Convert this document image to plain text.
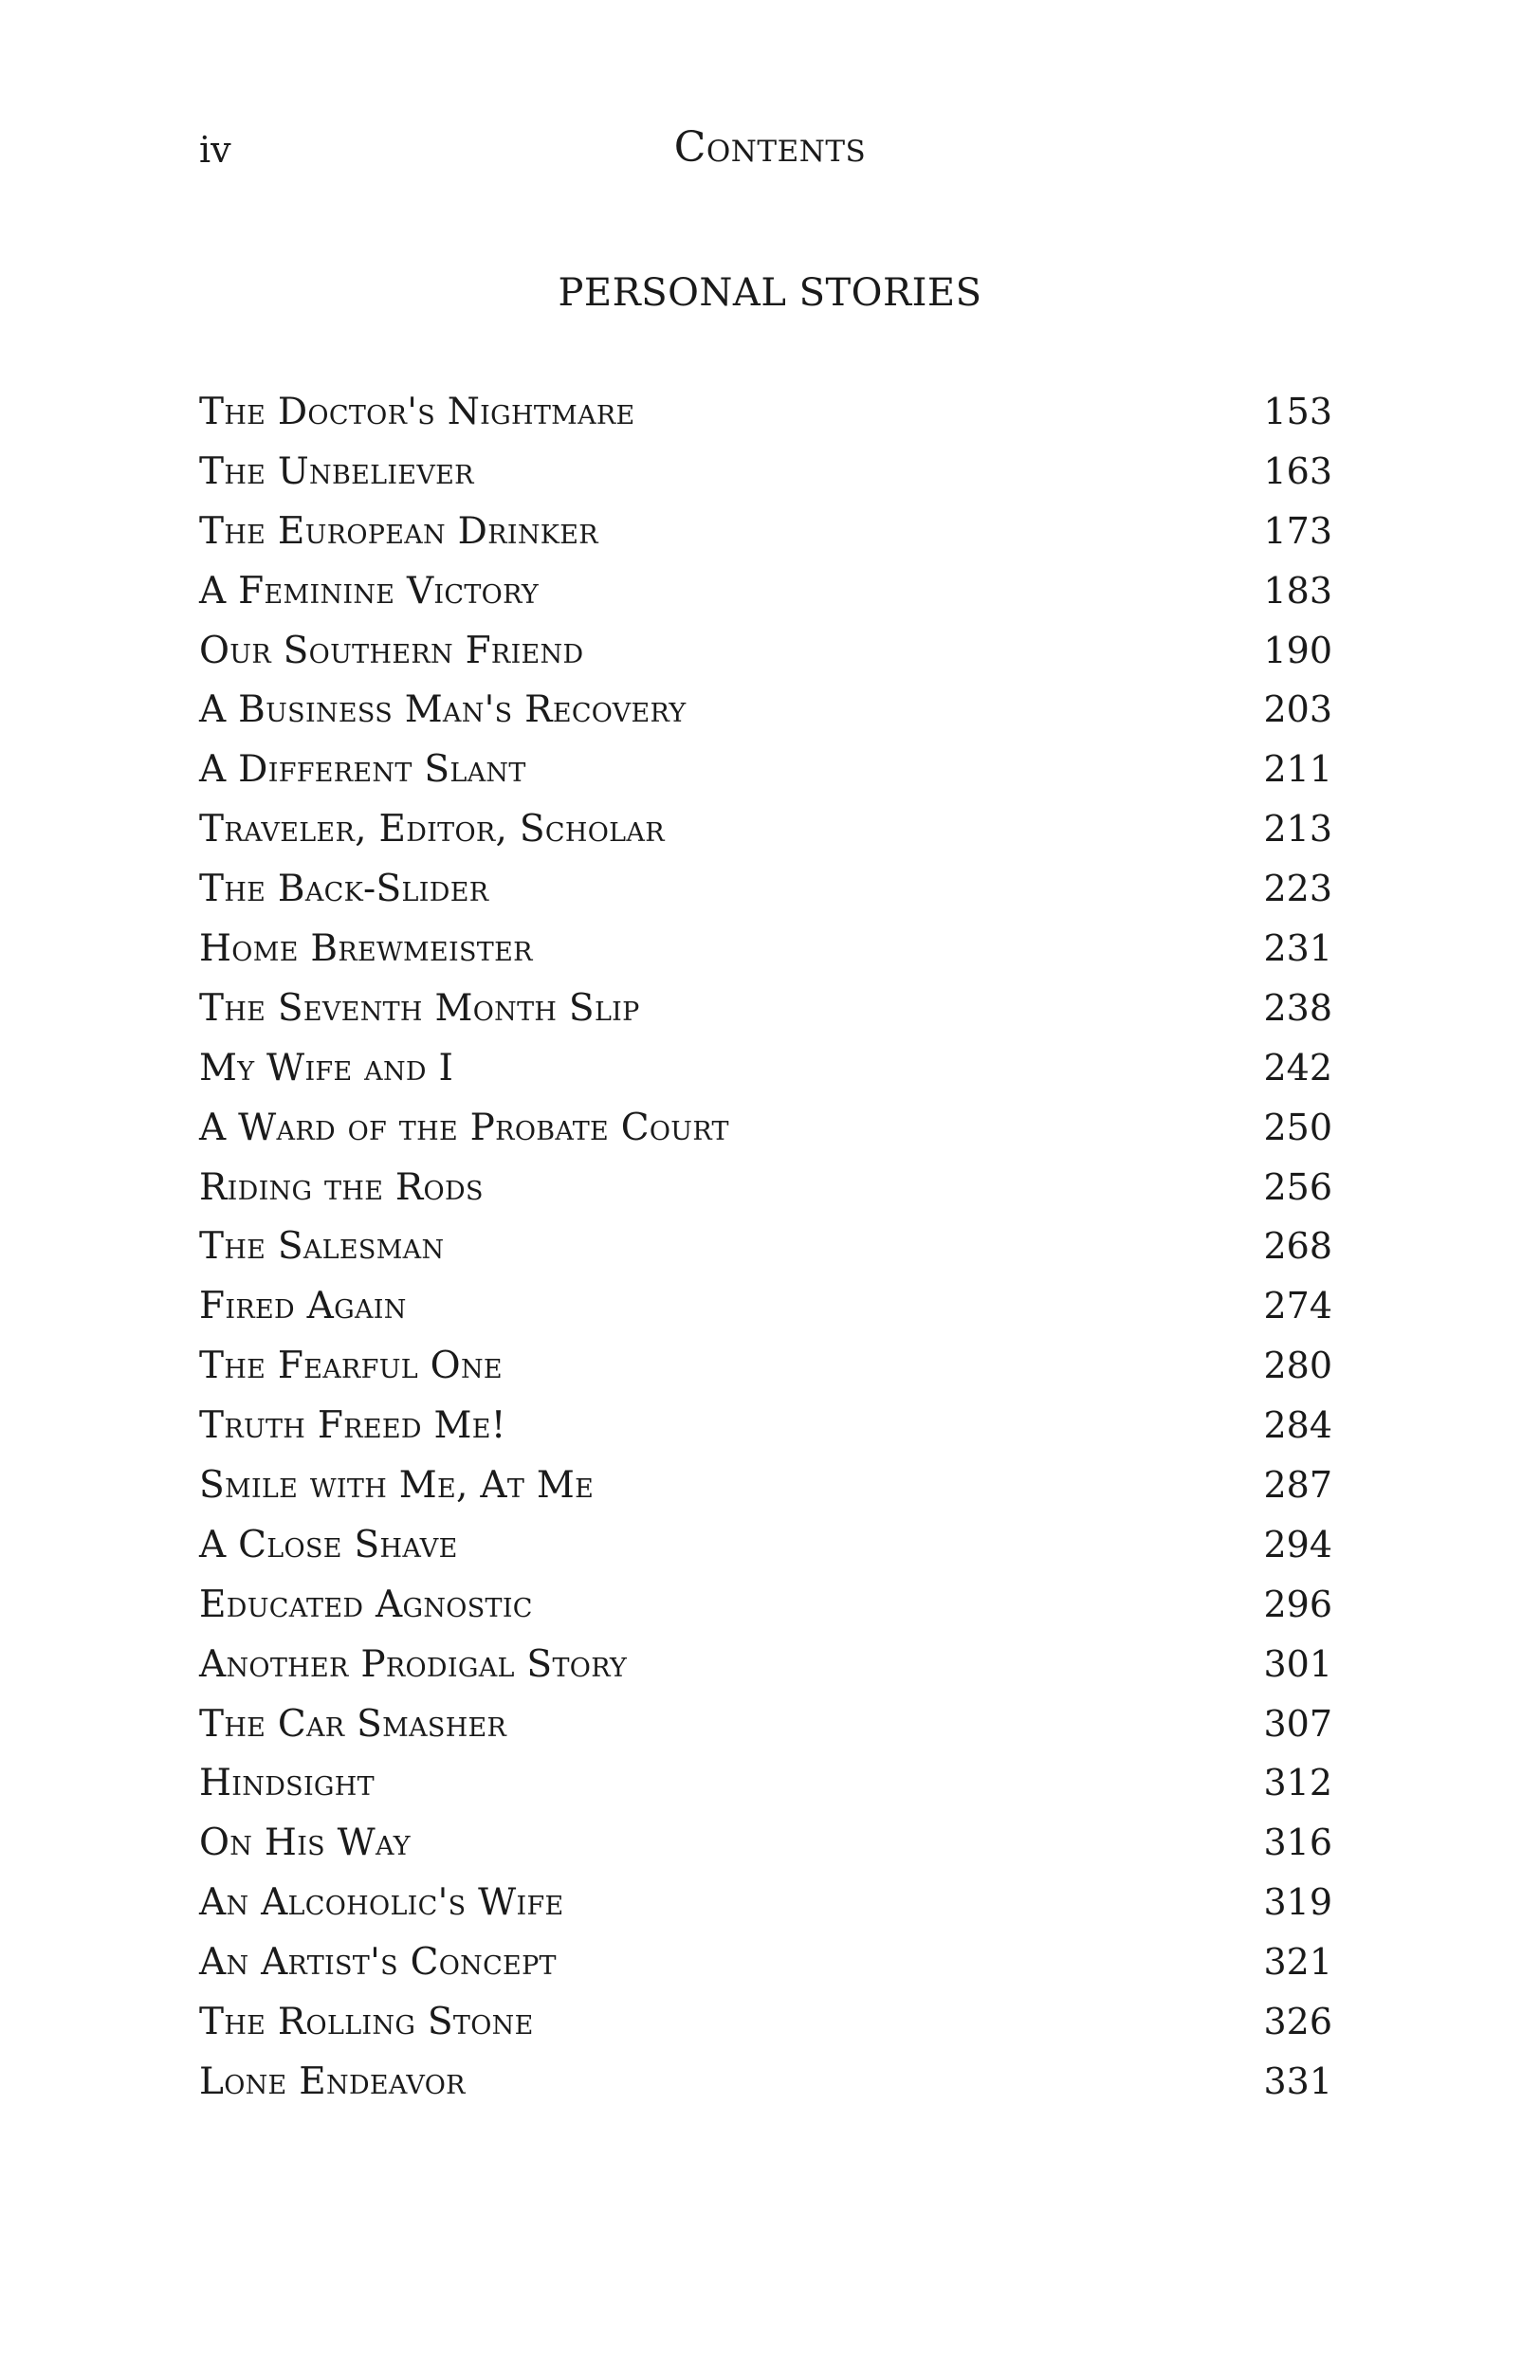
iv	Contents
PERSONAL STORIES
The Doctor's Nightmare	153
The Unbeliever	163
The European Drinker	173
A Feminine Victory	183
Our Southern Friend	190
A Business Man's Recovery	203
A Different Slant	211
Traveler, Editor, Scholar	213
The Back-Slider	223
Home Brewmeister	231
The Seventh Month Slip	238
My Wife and I	242
A Ward of the Probate Court	250
Riding the Rods	256
The Salesman	268
Fired Again	274
The Fearful One	280
Truth Freed Me!	284
Smile with Me, At Me	287
A Close Shave	294
Educated Agnostic	296
Another Prodigal Story	301
The Car Smasher	307
Hindsight	312
On His Way	316
An Alcoholic's Wife	319
An Artist's Concept	321
The Rolling Stone	326
Lone Endeavor	331
